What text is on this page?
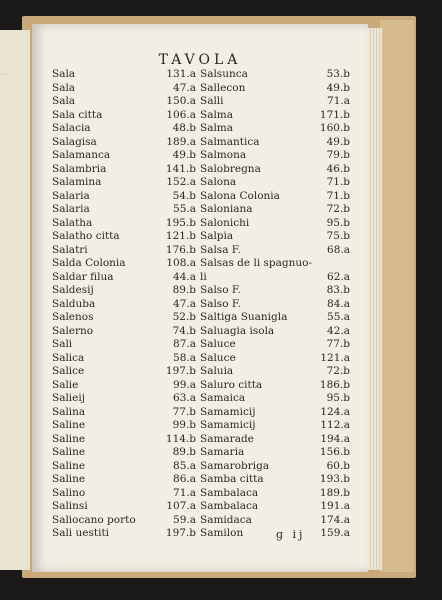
· ·
TAVOLA
Sala	131.a
Sala	47.a
Sala	150.a
Sala citta	106.a
Salacia	48.b
Salagisa	189.a
Salamanca	49.b
Salambria	141.b
Salamina	152.a
Salaria	54.b
Salaria	55.a
Salatha	195.b
Salatho citta	121.b
Salatri	176.b
Salda Colonia	108.a
Saldar filua	44.a
Saldesij	89.b
Salduba	47.a
Salenos	52.b
Salerno	74.b
Sali	87.a
Salica	58.a
Salice	197.b
Salie	99.a
Salieij	63.a
Salina	77.b
Saline	99.b
Saline	114.b
Saline	89.b
Saline	85.a
Saline	86.a
Salino	71.a
Salinsi	107.a
Saliocano porto	59.a
Sali uestiti	197.b
Salsunca	53.b
Sallecon	49.b
Salli	71.a
Salma	171.b
Salma	160.b
Salmantica	49.b
Salmona	79.b
Salobregna	46.b
Salona	71.b
Salona Colonia	71.b
Saloniana	72.b
Salonichi	95.b
Salpia	75.b
Salsa F.	68.a
Salsas de li spagnuo-
li	62.a
Salso F.	83.b
Salso F.	84.a
Saltiga Suanigla	55.a
Saluagia isola	42.a
Saluce	77.b
Saluce	121.a
Saluia	72.b
Saluro citta	186.b
Samaica	95.b
Samamicij	124.a
Samamicij	112.a
Samarade	194.a
Samaria	156.b
Samarobriga	60.b
Samba citta	193.b
Sambalaca	189.b
Sambalaca	191.a
Samidaca	174.a
Samilon	159.a
g ij
